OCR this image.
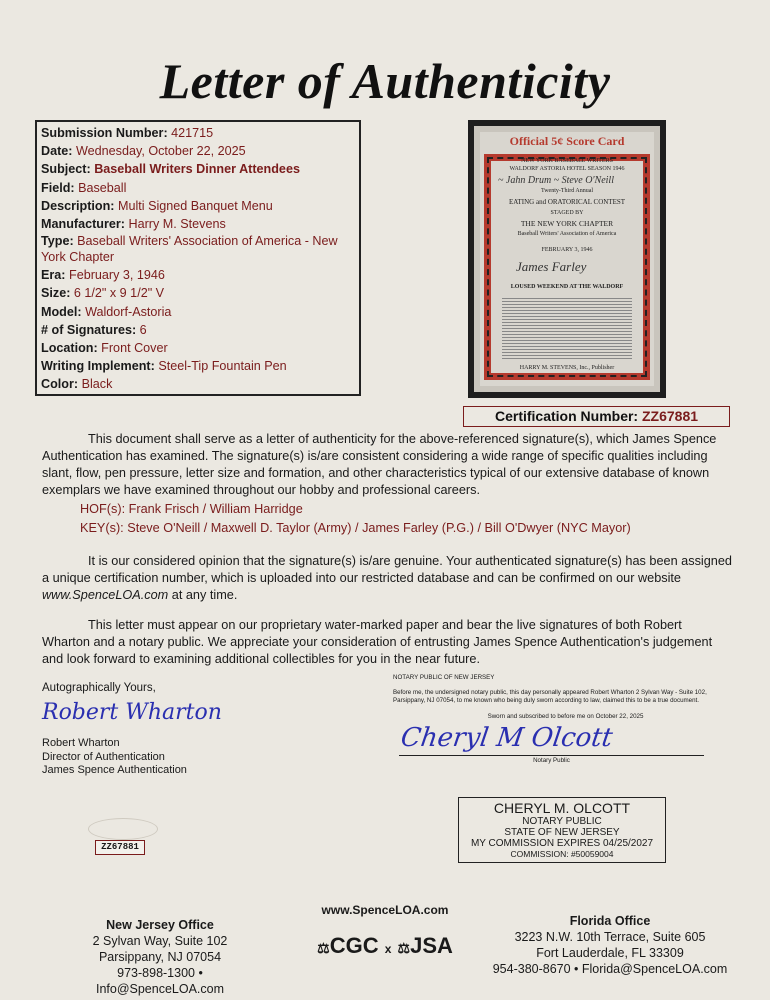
Letter of Authenticity
Submission Number: 421715
Date: Wednesday, October 22, 2025
Subject: Baseball Writers Dinner Attendees
Field: Baseball
Description: Multi Signed Banquet Menu
Manufacturer: Harry M. Stevens
Type: Baseball Writers' Association of America - New York Chapter
Era: February 3, 1946
Size: 6 1/2" x 9 1/2" V
Model: Waldorf-Astoria
# of Signatures: 6
Location: Front Cover
Writing Implement: Steel-Tip Fountain Pen
Color: Black
Official 5¢ Score Card
NEW YORK BASEBALL WRITERS
WALDORF ASTORIA HOTEL SEASON 1946
Twenty-Third Annual
EATING and ORATORICAL CONTEST
STAGED BY
THE NEW YORK CHAPTER
Baseball Writers' Association of America
FEBRUARY 3, 1946
LOUSED WEEKEND AT THE WALDORF
HARRY M. STEVENS, Inc., Publisher
~ Jahn Drum ~ Steve O'Neill
James Farley
Certification Number: ZZ67881
This document shall serve as a letter of authenticity for the above-referenced signature(s), which James Spence Authentication has examined. The signature(s) is/are consistent considering a wide range of specific qualities including slant, flow, pen pressure, letter size and formation, and other characteristics typical of our extensive database of known exemplars we have examined throughout our hobby and professional careers.
HOF(s): Frank Frisch / William Harridge
KEY(s): Steve O'Neill / Maxwell D. Taylor (Army) / James Farley (P.G.) / Bill O'Dwyer (NYC Mayor)
It is our considered opinion that the signature(s) is/are genuine. Your authenticated signature(s) has been assigned a unique certification number, which is uploaded into our restricted database and can be confirmed on our website www.SpenceLOA.com at any time.
This letter must appear on our proprietary water-marked paper and bear the live signatures of both Robert Wharton and a notary public. We appreciate your consideration of entrusting James Spence Authentication's judgement and look forward to examining additional collectibles for you in the near future.
Autographically Yours,
Robert Wharton
Robert Wharton
Director of Authentication
James Spence Authentication
NOTARY PUBLIC OF NEW JERSEY
Before me, the undersigned notary public, this day personally appeared Robert Wharton 2 Sylvan Way - Suite 102, Parsippany, NJ 07054, to me known who being duly sworn according to law, claimed this to be a true document.
Sworn and subscribed to before me on October 22, 2025
Cheryl M Olcott
Notary Public
CHERYL M. OLCOTT
NOTARY PUBLIC
STATE OF NEW JERSEY
MY COMMISSION EXPIRES 04/25/2027
COMMISSION: #50059004
ZZ67881
New Jersey Office
2 Sylvan Way, Suite 102
Parsippany, NJ 07054
973-898-1300 • Info@SpenceLOA.com
www.SpenceLOA.com
⚖CGC x ⚖JSA
Florida Office
3223 N.W. 10th Terrace, Suite 605
Fort Lauderdale, FL 33309
954-380-8670 • Florida@SpenceLOA.com
